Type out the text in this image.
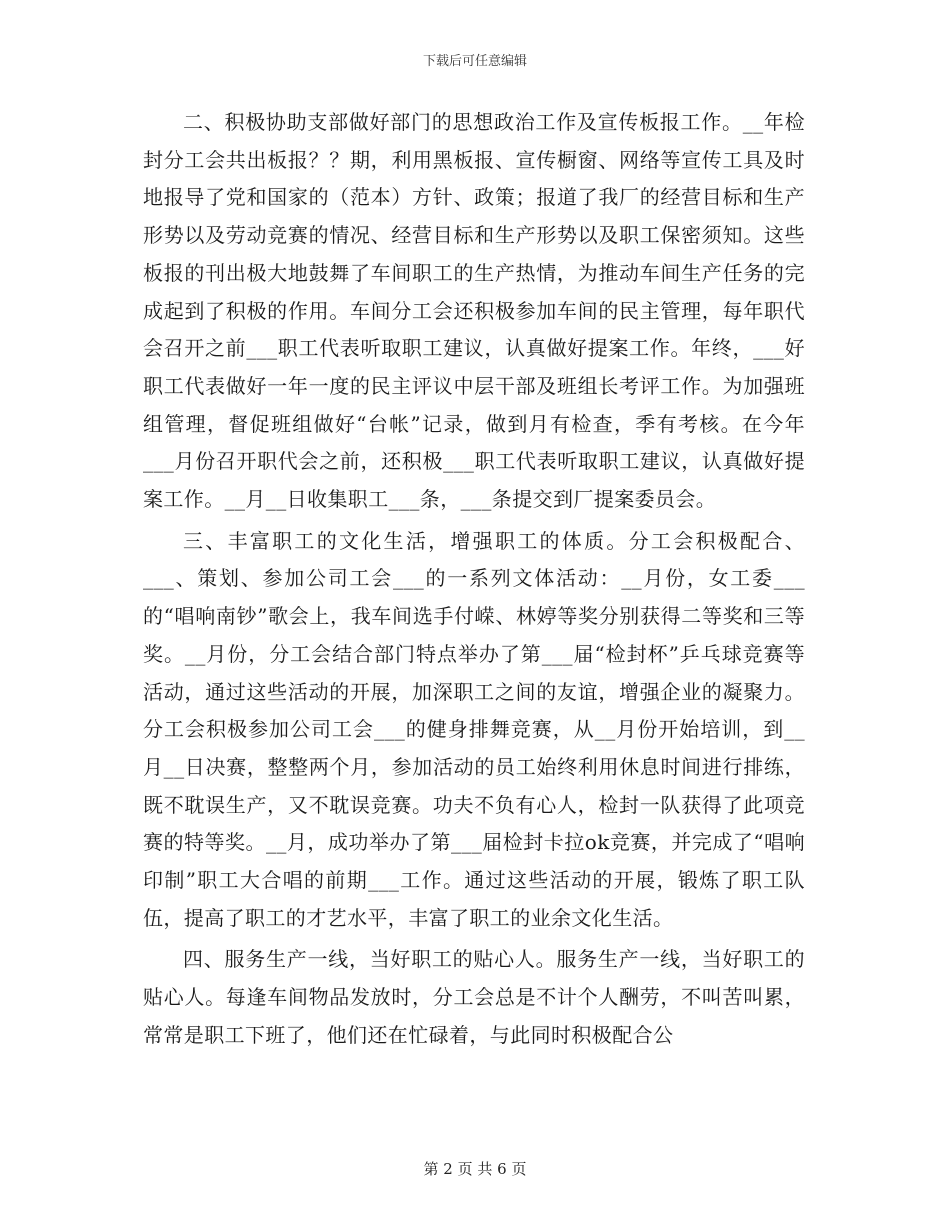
下载后可任意编辑

二、积极协助支部做好部门的思想政治工作及宣传板报工作。__年检封分工会共出板报？？期，利用黑板报、宣传橱窗、网络等宣传工具及时地报导了党和国家的（范本）方针、政策；报道了我厂的经营目标和生产形势以及劳动竞赛的情况、经营目标和生产形势以及职工保密须知。这些板报的刊出极大地鼓舞了车间职工的生产热情，为推动车间生产任务的完成起到了积极的作用。车间分工会还积极参加车间的民主管理，每年职代会召开之前___职工代表听取职工建议，认真做好提案工作。年终，___好职工代表做好一年一度的民主评议中层干部及班组长考评工作。为加强班组管理，督促班组做好“台帐”记录，做到月有检查，季有考核。在今年___月份召开职代会之前，还积极___职工代表听取职工建议，认真做好提案工作。__月__日收集职工___条，___条提交到厂提案委员会。

三、丰富职工的文化生活，增强职工的体质。分工会积极配合、___、策划、参加公司工会___的一系列文体活动：__月份，女工委___的“唱响南钞”歌会上，我车间选手付嵘、林婷等奖分别获得二等奖和三等奖。__月份，分工会结合部门特点举办了第___届“检封杯”乒乓球竞赛等活动，通过这些活动的开展，加深职工之间的友谊，增强企业的凝聚力。分工会积极参加公司工会___的健身排舞竞赛，从__月份开始培训，到__月__日决赛，整整两个月，参加活动的员工始终利用休息时间进行排练，既不耽误生产，又不耽误竞赛。功夫不负有心人，检封一队获得了此项竞赛的特等奖。__月，成功举办了第___届检封卡拉ok竞赛，并完成了“唱响印制”职工大合唱的前期___工作。通过这些活动的开展，锻炼了职工队伍，提高了职工的才艺水平，丰富了职工的业余文化生活。

四、服务生产一线，当好职工的贴心人。服务生产一线，当好职工的贴心人。每逢车间物品发放时，分工会总是不计个人酬劳，不叫苦叫累，常常是职工下班了，他们还在忙碌着，与此同时积极配合公

第 2 页 共 6 页
